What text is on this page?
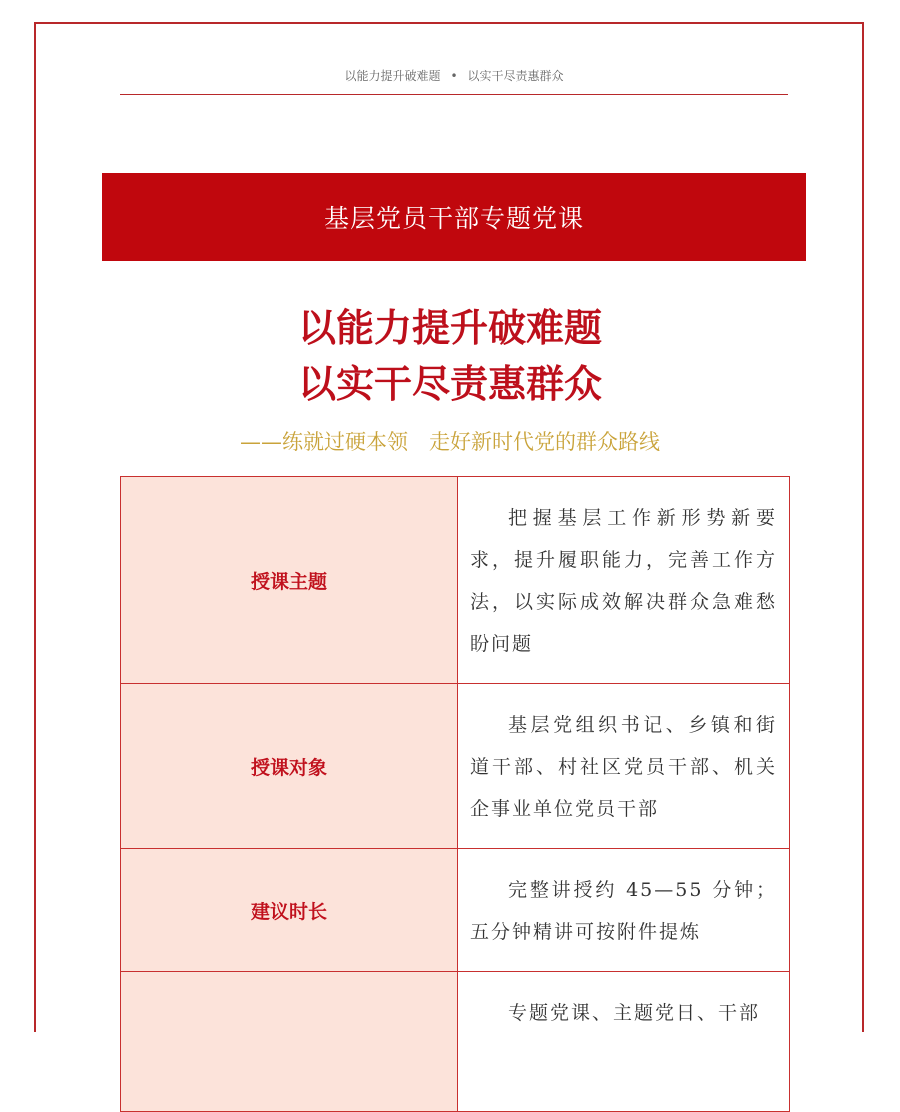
以能力提升破难题 • 以实干尽责惠群众
基层党员干部专题党课
以能力提升破难题
以实干尽责惠群众
——练就过硬本领　走好新时代党的群众路线
授课主题	把握基层工作新形势新要求，提升履职能力，完善工作方法，以实际成效解决群众急难愁盼问题
授课对象	基层党组织书记、乡镇和街道干部、村社区党员干部、机关企事业单位党员干部
建议时长	完整讲授约 45—55 分钟；五分钟精讲可按附件提炼
	专题党课、主题党日、干部
